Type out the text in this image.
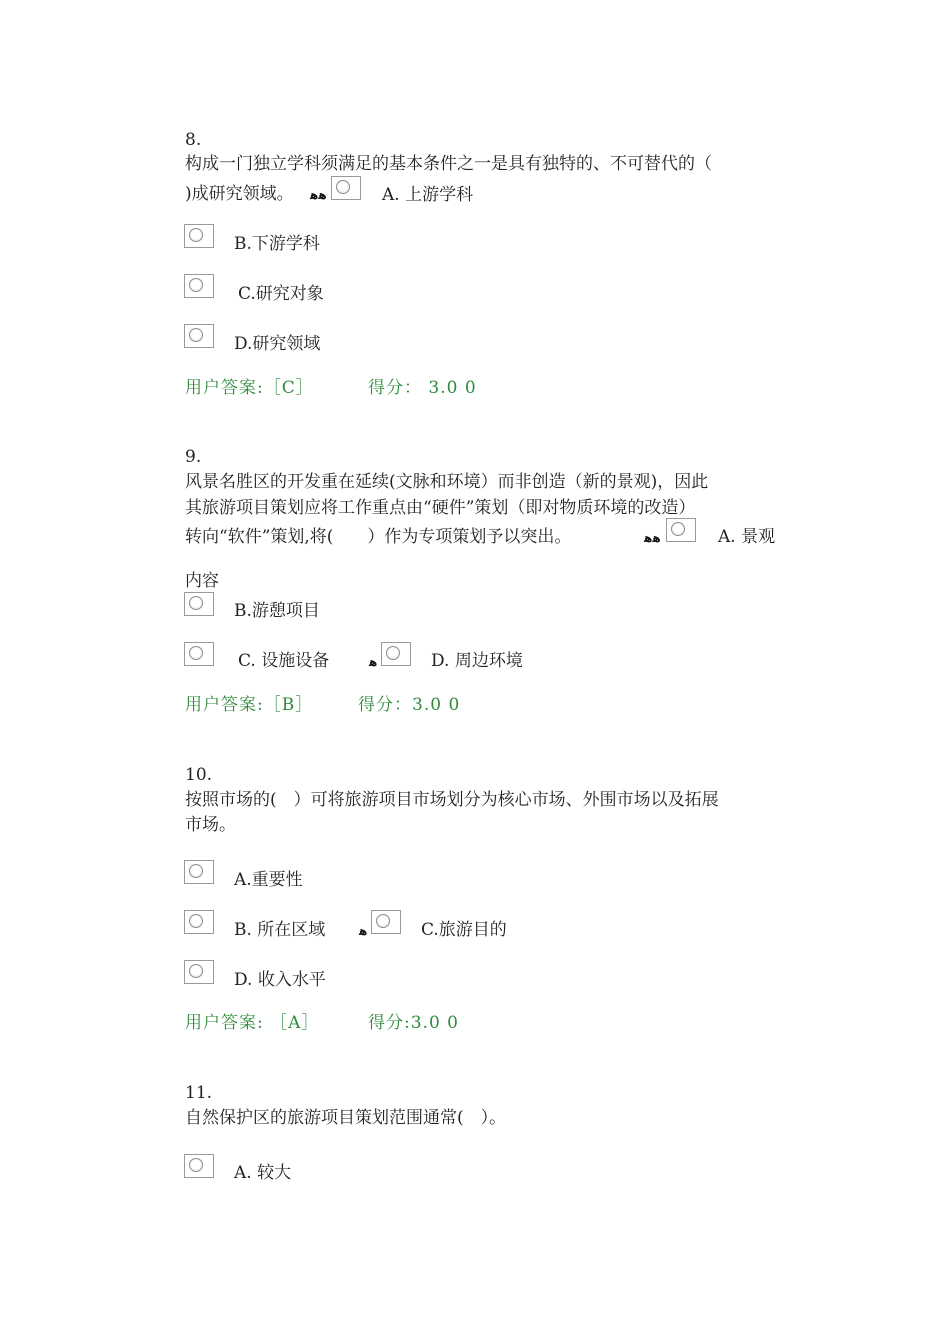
8.
构成一门独立学科须满足的基本条件之一是具有独特的、不可替代的（
)成研究领域。 ﻫﻫ	A. 上游学科
B.下游学科
C.研究对象
D.研究领域
用户答案:［C］	得分： 3.0 0
9.
风景名胜区的开发重在延续(文脉和环境）而非创造（新的景观)，因此
其旅游项目策划应将工作重点由“硬件”策划（即对物质环境的改造）
转向“软件”策划,将(　　）作为专项策划予以突出。	ﻫﻫ	A. 景观
内容
B.游憩项目
C. 设施设备	ﻫ	D. 周边环境
用户答案:［B］	得分：3.0 0
10.
按照市场的(　）可将旅游项目市场划分为核心市场、外围市场以及拓展
市场。
A.重要性
B. 所在区域	ﻫ	C.旅游目的
D. 收入水平
用户答案: ［A］	得分:3.0 0
11.
自然保护区的旅游项目策划范围通常(　）。
A. 较大
